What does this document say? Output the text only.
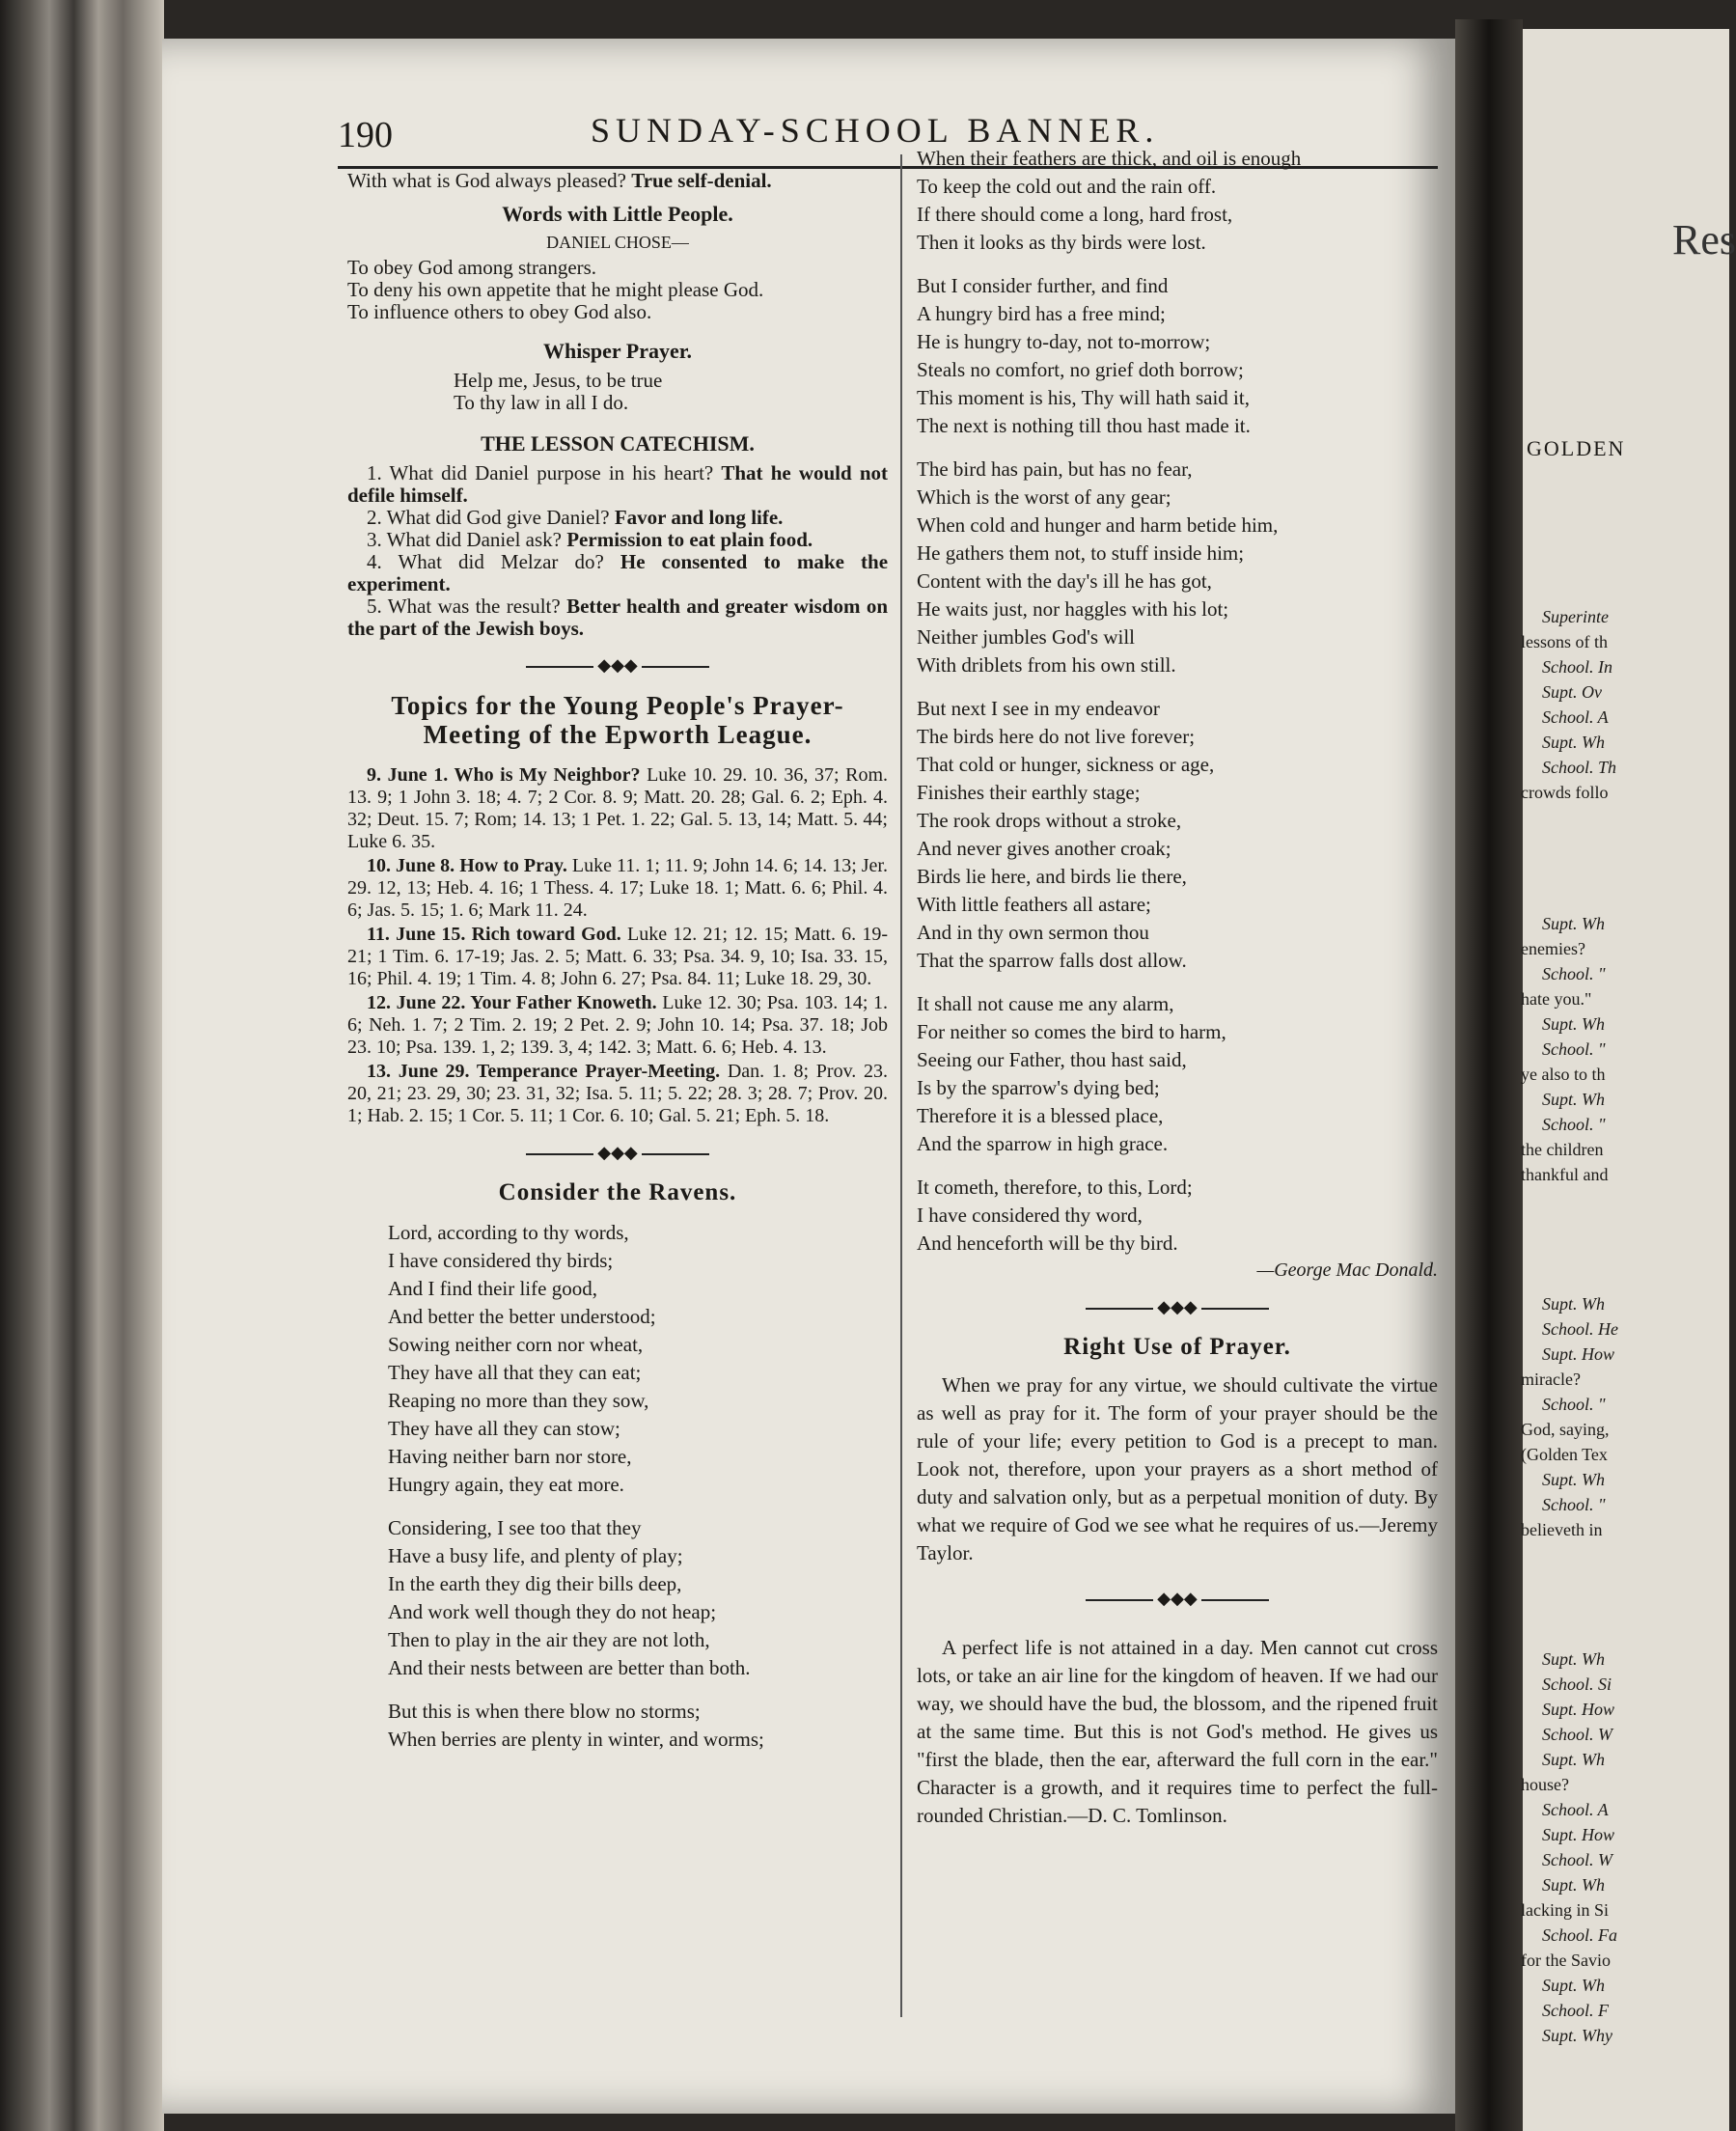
190	SUNDAY-SCHOOL BANNER.
With what is God always pleased? True self-denial.
Words with Little People.
DANIEL CHOSE—
To obey God among strangers.
To deny his own appetite that he might please God.
To influence others to obey God also.
Whisper Prayer.
Help me, Jesus, to be true
To thy law in all I do.
THE LESSON CATECHISM.
1. What did Daniel purpose in his heart? That he would not defile himself.
2. What did God give Daniel? Favor and long life.
3. What did Daniel ask? Permission to eat plain food.
4. What did Melzar do? He consented to make the experiment.
5. What was the result? Better health and greater wisdom on the part of the Jewish boys.
◆◆◆
Topics for the Young People's Prayer-Meeting of the Epworth League.
9. June 1. Who is My Neighbor? Luke 10. 29. 10. 36, 37; Rom. 13. 9; 1 John 3. 18; 4. 7; 2 Cor. 8. 9; Matt. 20. 28; Gal. 6. 2; Eph. 4. 32; Deut. 15. 7; Rom; 14. 13; 1 Pet. 1. 22; Gal. 5. 13, 14; Matt. 5. 44; Luke 6. 35.
10. June 8. How to Pray. Luke 11. 1; 11. 9; John 14. 6; 14. 13; Jer. 29. 12, 13; Heb. 4. 16; 1 Thess. 4. 17; Luke 18. 1; Matt. 6. 6; Phil. 4. 6; Jas. 5. 15; 1. 6; Mark 11. 24.
11. June 15. Rich toward God. Luke 12. 21; 12. 15; Matt. 6. 19-21; 1 Tim. 6. 17-19; Jas. 2. 5; Matt. 6. 33; Psa. 34. 9, 10; Isa. 33. 15, 16; Phil. 4. 19; 1 Tim. 4. 8; John 6. 27; Psa. 84. 11; Luke 18. 29, 30.
12. June 22. Your Father Knoweth. Luke 12. 30; Psa. 103. 14; 1. 6; Neh. 1. 7; 2 Tim. 2. 19; 2 Pet. 2. 9; John 10. 14; Psa. 37. 18; Job 23. 10; Psa. 139. 1, 2; 139. 3, 4; 142. 3; Matt. 6. 6; Heb. 4. 13.
13. June 29. Temperance Prayer-Meeting. Dan. 1. 8; Prov. 23. 20, 21; 23. 29, 30; 23. 31, 32; Isa. 5. 11; 5. 22; 28. 3; 28. 7; Prov. 20. 1; Hab. 2. 15; 1 Cor. 5. 11; 1 Cor. 6. 10; Gal. 5. 21; Eph. 5. 18.
◆◆◆
Consider the Ravens.
Lord, according to thy words,
I have considered thy birds;
And I find their life good,
And better the better understood;
Sowing neither corn nor wheat,
They have all that they can eat;
Reaping no more than they sow,
They have all they can stow;
Having neither barn nor store,
Hungry again, they eat more.
Considering, I see too that they
Have a busy life, and plenty of play;
In the earth they dig their bills deep,
And work well though they do not heap;
Then to play in the air they are not loth,
And their nests between are better than both.
But this is when there blow no storms;
When berries are plenty in winter, and worms;
When their feathers are thick, and oil is enough
To keep the cold out and the rain off.
If there should come a long, hard frost,
Then it looks as thy birds were lost.
But I consider further, and find
A hungry bird has a free mind;
He is hungry to-day, not to-morrow;
Steals no comfort, no grief doth borrow;
This moment is his, Thy will hath said it,
The next is nothing till thou hast made it.
The bird has pain, but has no fear,
Which is the worst of any gear;
When cold and hunger and harm betide him,
He gathers them not, to stuff inside him;
Content with the day's ill he has got,
He waits just, nor haggles with his lot;
Neither jumbles God's will
With driblets from his own still.
But next I see in my endeavor
The birds here do not live forever;
That cold or hunger, sickness or age,
Finishes their earthly stage;
The rook drops without a stroke,
And never gives another croak;
Birds lie here, and birds lie there,
With little feathers all astare;
And in thy own sermon thou
That the sparrow falls dost allow.
It shall not cause me any alarm,
For neither so comes the bird to harm,
Seeing our Father, thou hast said,
Is by the sparrow's dying bed;
Therefore it is a blessed place,
And the sparrow in high grace.
It cometh, therefore, to this, Lord;
I have considered thy word,
And henceforth will be thy bird.
—George Mac Donald.
◆◆◆
Right Use of Prayer.
When we pray for any virtue, we should cultivate the virtue as well as pray for it. The form of your prayer should be the rule of your life; every petition to God is a precept to man. Look not, therefore, upon your prayers as a short method of duty and salvation only, but as a perpetual monition of duty. By what we require of God we see what he requires of us.—Jeremy Taylor.
◆◆◆
A perfect life is not attained in a day. Men cannot cut cross lots, or take an air line for the kingdom of heaven. If we had our way, we should have the bud, the blossom, and the ripened fruit at the same time. But this is not God's method. He gives us "first the blade, then the ear, afterward the full corn in the ear." Character is a growth, and it requires time to perfect the full-rounded Christian.—D. C. Tomlinson.
Res
GOLDEN
Superinte
lessons of th
School. In
Supt. Ov
School. A
Supt. Wh
School. Th
crowds follo
Supt. Wh
enemies?
School. "
hate you."
Supt. Wh
School. "
ye also to th
Supt. Wh
School. "
the children
thankful and
Supt. Wh
School. He
Supt. How
miracle?
School. "
God, saying,
(Golden Tex
Supt. Wh
School. "
believeth in
Supt. Wh
School. Si
Supt. How
School. W
Supt. Wh
house?
School. A
Supt. How
School. W
Supt. Wh
lacking in Si
School. Fa
for the Savio
Supt. Wh
School. F
Supt. Why
